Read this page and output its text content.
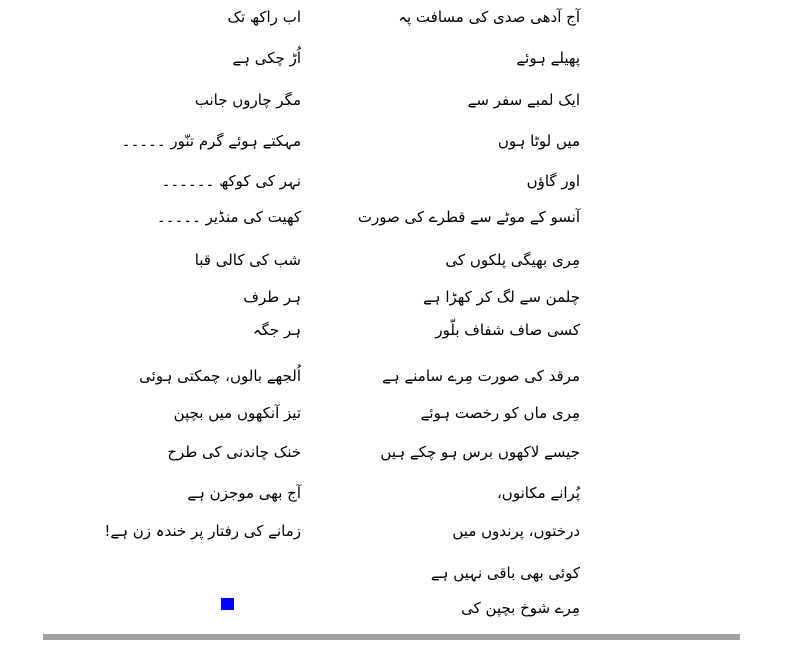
آج آدھی صدی کی مسافت پہ
پھیلے ہوئے
ایک لمبے سفر سے
میں لوٹا ہوں
اور گاؤں
آنسو کے موٹے سے قطرے کی صورت
مِری بھیگی پلکوں کی
چلمن سے لگ کر کھڑا ہے
کسی صاف شفاف بلّور
مرقد کی صورت مِرے سامنے ہے
مِری ماں کو رخصت ہوئے
جیسے لاکھوں برس ہو چکے ہیں
پُرانے مکانوں،
درختوں، پرندوں میں
کوئی بھی باقی نہیں ہے
مِرے شوخ بچپن کی
اب راکھ تک
اُڑ چکی ہے
مگر چاروں جانب
مہکتے ہوئے گرم تنّور ۔۔۔۔۔
نہر کی کوکھ ۔۔۔۔۔۔
کھیت کی منڈیر ۔۔۔۔۔
شب کی کالی قبا
ہر طرف
ہر جگہ
اُلجھے بالوں، چمکتی ہوئی
تیز آنکھوں میں بچپن
خنک چاندنی کی طرح
آج بھی موجزن ہے
زمانے کی رفتار پر خندہ زن ہے!
